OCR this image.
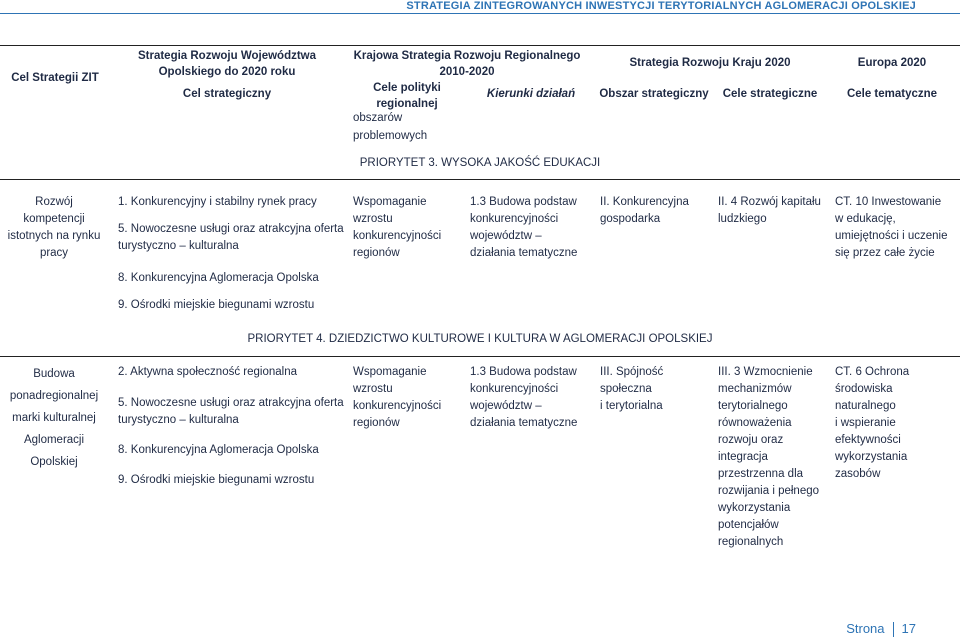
STRATEGIA ZINTEGROWANYCH INWESTYCJI TERYTORIALNYCH AGLOMERACJI OPOLSKIEJ
Cel Strategii ZIT
Strategia Rozwoju Województwa Opolskiego do 2020 roku
Cel strategiczny
Krajowa Strategia Rozwoju Regionalnego 2010-2020
Cele polityki regionalnej
obszarów problemowych
Kierunki działań
Strategia Rozwoju Kraju 2020
Obszar strategiczny	Cele strategiczne
Europa 2020
Cele tematyczne
PRIORYTET 3. WYSOKA JAKOŚĆ EDUKACJI
Rozwój
kompetencji
istotnych na rynku
pracy
1. Konkurencyjny i stabilny rynek pracy
5. Nowoczesne usługi oraz atrakcyjna oferta turystyczno – kulturalna
8. Konkurencyjna Aglomeracja Opolska
9. Ośrodki miejskie biegunami wzrostu
Wspomaganie
wzrostu
konkurencyjności
regionów
1.3 Budowa podstaw
konkurencyjności
województw –
działania tematyczne
II. Konkurencyjna
gospodarka
II. 4 Rozwój kapitału
ludzkiego
CT. 10 Inwestowanie
w edukację,
umiejętności i uczenie
się przez całe życie
PRIORYTET 4. DZIEDZICTWO KULTUROWE I KULTURA W AGLOMERACJI OPOLSKIEJ
Budowa
ponadregionalnej
marki kulturalnej
Aglomeracji
Opolskiej
2. Aktywna społeczność regionalna
5. Nowoczesne usługi oraz atrakcyjna oferta turystyczno – kulturalna
8. Konkurencyjna Aglomeracja Opolska
9. Ośrodki miejskie biegunami wzrostu
Wspomaganie
wzrostu
konkurencyjności
regionów
1.3 Budowa podstaw
konkurencyjności
województw –
działania tematyczne
III. Spójność
społeczna
i terytorialna
III. 3 Wzmocnienie
mechanizmów
terytorialnego
równoważenia
rozwoju oraz
integracja
przestrzenna dla
rozwijania i pełnego
wykorzystania
potencjałów
regionalnych
CT. 6 Ochrona
środowiska
naturalnego
i wspieranie
efektywności
wykorzystania
zasobów
Strona 17
